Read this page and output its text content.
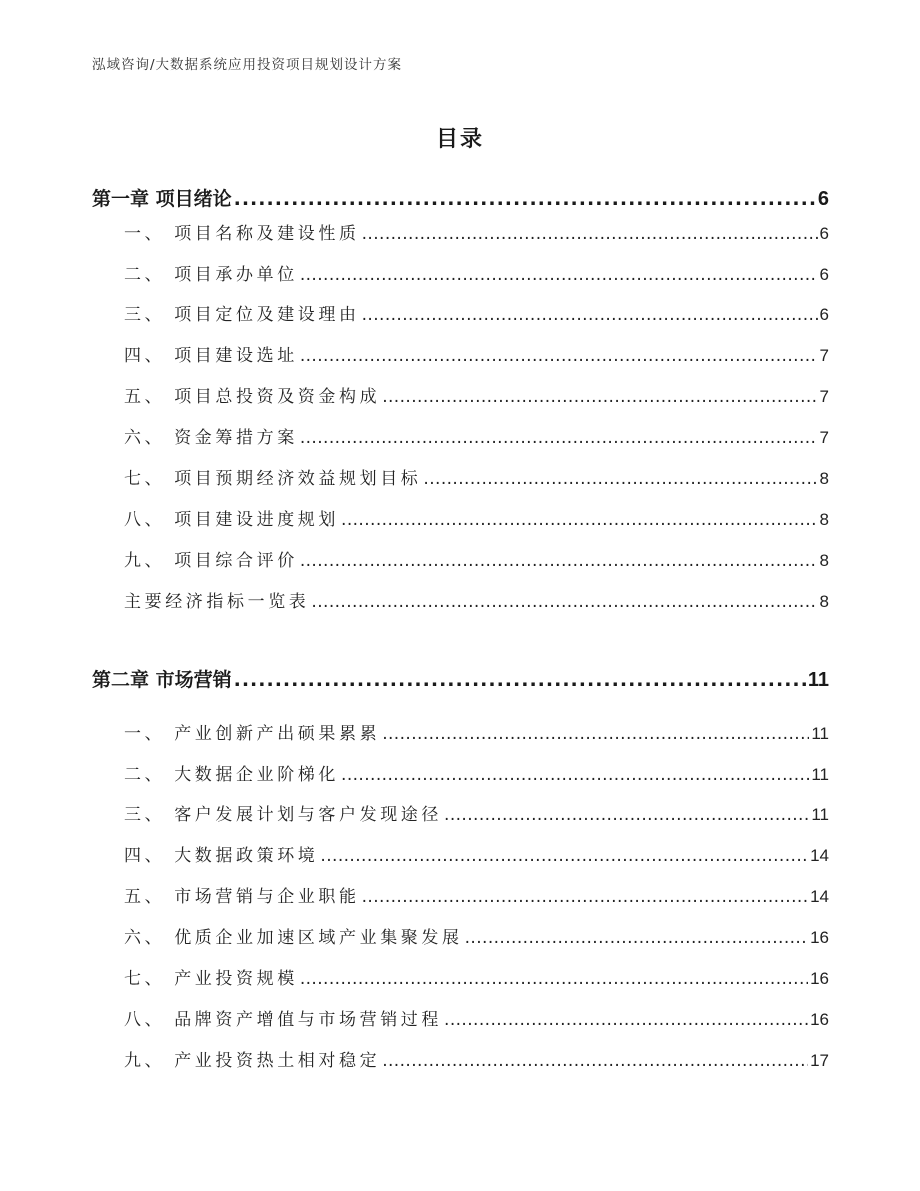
泓域咨询/大数据系统应用投资项目规划设计方案
目录
第一章 项目绪论 .....	6
一、 项目名称及建设性质 .....	6
二、 项目承办单位 .....	6
三、 项目定位及建设理由 .....	6
四、 项目建设选址 .....	7
五、 项目总投资及资金构成 .....	7
六、 资金筹措方案 .....	7
七、 项目预期经济效益规划目标 .....	8
八、 项目建设进度规划 .....	8
九、 项目综合评价 .....	8
主要经济指标一览表 .....	8
第二章 市场营销 .....	11
一、 产业创新产出硕果累累 .....	11
二、 大数据企业阶梯化 .....	11
三、 客户发展计划与客户发现途径 .....	11
四、 大数据政策环境 .....	14
五、 市场营销与企业职能 .....	14
六、 优质企业加速区域产业集聚发展 .....	16
七、 产业投资规模 .....	16
八、 品牌资产增值与市场营销过程 .....	16
九、 产业投资热土相对稳定 .....	17
